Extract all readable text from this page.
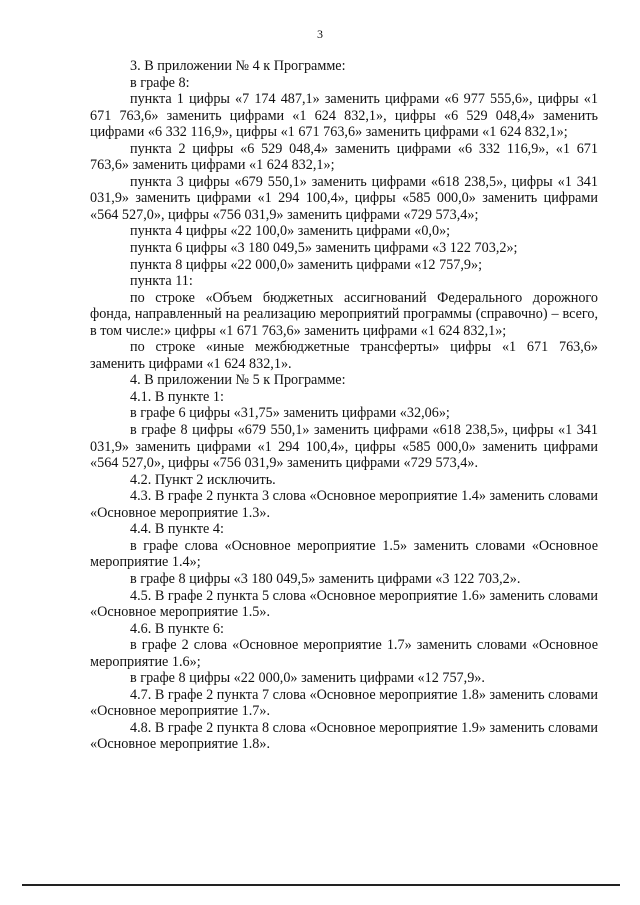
3

3. В приложении № 4 к Программе:

в графе 8:

пункта 1 цифры «7 174 487,1» заменить цифрами «6 977 555,6», цифры «1 671 763,6» заменить цифрами «1 624 832,1», цифры «6 529 048,4» заменить цифрами «6 332 116,9», цифры «1 671 763,6» заменить цифрами «1 624 832,1»;

пункта 2 цифры «6 529 048,4» заменить цифрами «6 332 116,9», «1 671 763,6» заменить цифрами «1 624 832,1»;

пункта 3 цифры «679 550,1» заменить цифрами «618 238,5», цифры «1 341 031,9» заменить цифрами «1 294 100,4», цифры «585 000,0» заменить цифрами «564 527,0», цифры «756 031,9» заменить цифрами «729 573,4»;

пункта 4 цифры «22 100,0» заменить цифрами «0,0»;

пункта 6 цифры «3 180 049,5» заменить цифрами «3 122 703,2»;

пункта 8 цифры «22 000,0» заменить цифрами «12 757,9»;

пункта 11:

по строке «Объем бюджетных ассигнований Федерального дорожного фонда, направленный на реализацию мероприятий программы (справочно) – всего, в том числе:» цифры «1 671 763,6» заменить цифрами «1 624 832,1»;

по строке «иные межбюджетные трансферты» цифры «1 671 763,6» заменить цифрами «1 624 832,1».

4. В приложении № 5 к Программе:

4.1. В пункте 1:

в графе 6 цифры «31,75» заменить цифрами «32,06»;

в графе 8 цифры «679 550,1» заменить цифрами «618 238,5», цифры «1 341 031,9» заменить цифрами «1 294 100,4», цифры «585 000,0» заменить цифрами «564 527,0», цифры «756 031,9» заменить цифрами «729 573,4».

4.2. Пункт 2 исключить.

4.3. В графе 2 пункта 3 слова «Основное мероприятие 1.4» заменить словами «Основное мероприятие 1.3».

4.4. В пункте 4:

в графе слова «Основное мероприятие 1.5» заменить словами «Основное мероприятие 1.4»;

в графе 8 цифры «3 180 049,5» заменить цифрами «3 122 703,2».

4.5. В графе 2 пункта 5 слова «Основное мероприятие 1.6» заменить словами «Основное мероприятие 1.5».

4.6. В пункте 6:

в графе 2 слова «Основное мероприятие 1.7» заменить словами «Основное мероприятие 1.6»;

в графе 8 цифры «22 000,0» заменить цифрами «12 757,9».

4.7. В графе 2 пункта 7 слова «Основное мероприятие 1.8» заменить словами «Основное мероприятие 1.7».

4.8. В графе 2 пункта 8 слова «Основное мероприятие 1.9» заменить словами «Основное мероприятие 1.8».
